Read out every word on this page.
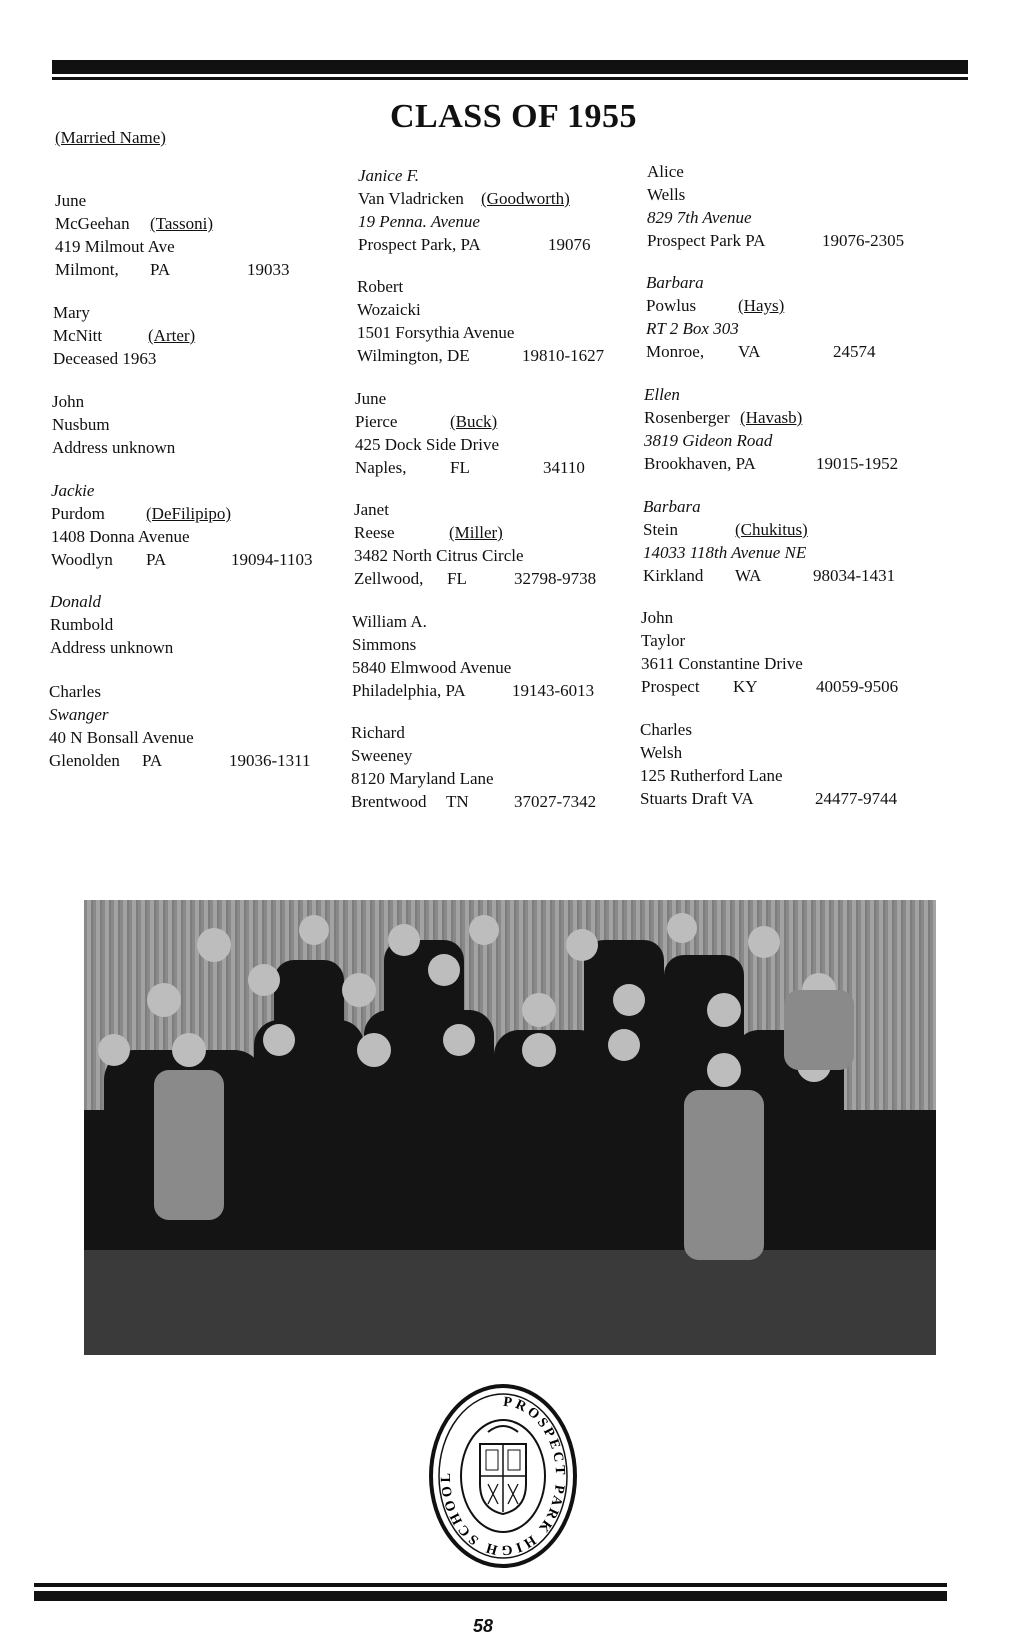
(Married Name)
CLASS OF 1955
June
McGeehan (Tassoni)
419 Milmout Ave
Milmont, PA	19033
Mary
McNitt	(Arter)
Deceased 1963
John
Nusbum
Address unknown
Jackie
Purdom (DeFilipipo)
1408 Donna Avenue
Woodlyn PA	19094-1103
Donald
Rumbold
Address unknown
Charles
Swanger
40 N Bonsall Avenue
Glenolden PA	19036-1311
Janice F.
Van Vladricken (Goodworth)
19 Penna. Avenue
Prospect Park, PA	19076
Robert
Wozaicki
1501 Forsythia Avenue
Wilmington, DE	19810-1627
June
Pierce	(Buck)
425 Dock Side Drive
Naples,	FL	34110
Janet
Reese	(Miller)
3482 North Citrus Circle
Zellwood, FL	32798-9738
William A.
Simmons
5840 Elmwood Avenue
Philadelphia, PA	19143-6013
Richard
Sweeney
8120 Maryland Lane
Brentwood TN	37027-7342
Alice
Wells
829 7th Avenue
Prospect Park PA	19076-2305
Barbara
Powlus (Hays)
RT 2 Box 303
Monroe, VA	24574
Ellen
Rosenberger (Havasb)
3819 Gideon Road
Brookhaven, PA	19015-1952
Barbara
Stein	(Chukitus)
14033 118th Avenue NE
Kirkland WA	98034-1431
John
Taylor
3611 Constantine Drive
Prospect KY	40059-9506
Charles
Welsh
125 Rutherford Lane
Stuarts Draft VA	24477-9744
PROSPECT PARK HIGH SCHOOL
58
